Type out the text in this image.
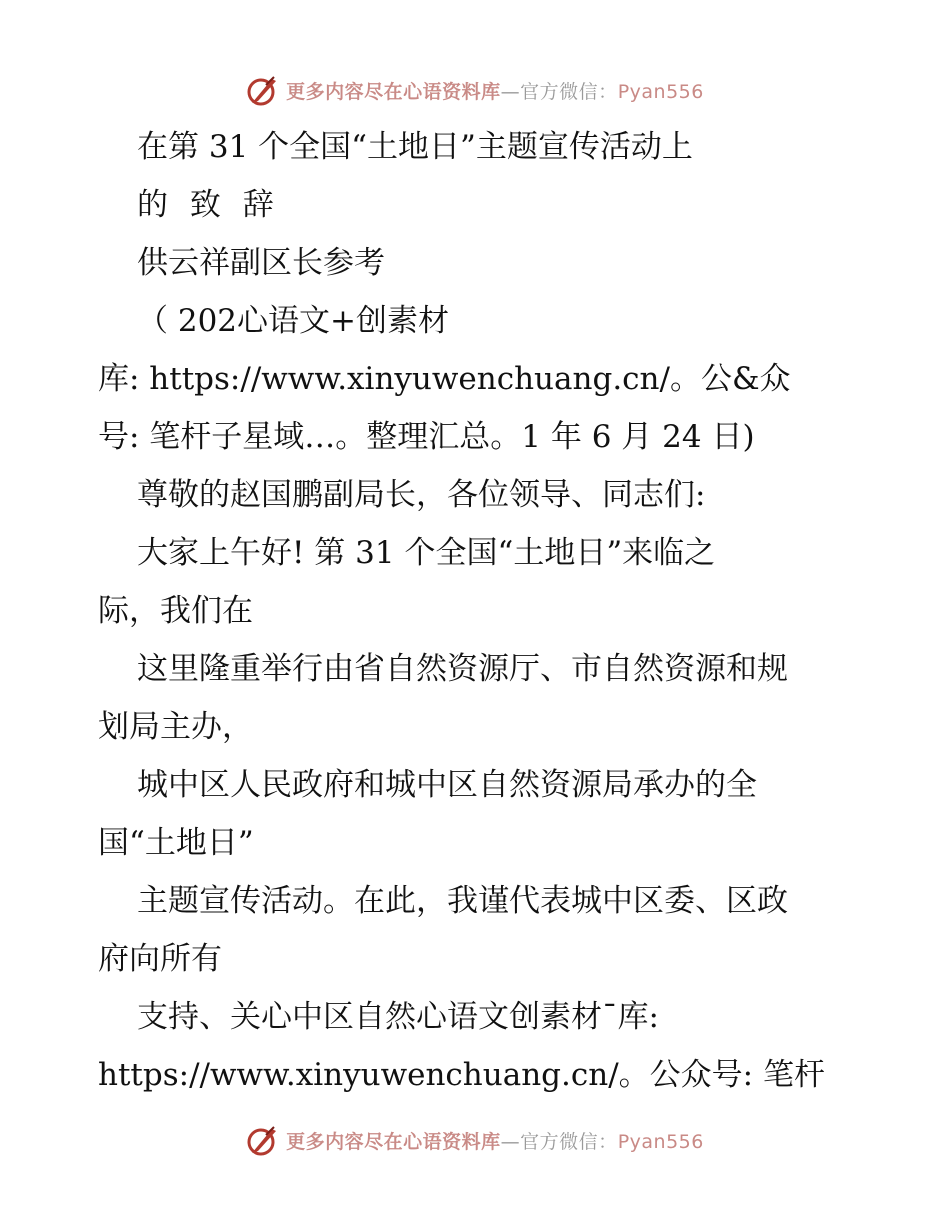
更多内容尽在心语资料库—官方微信：Pyan556
在第 31 个全国“土地日”主题宣传活动上
的 致 辞
供云祥副区长参考
（ 202心语文+创素材
库: https://www.xinyuwenchuang.cn/。公&众
号: 笔杆子星域…。整理汇总。1 年 6 月 24 日)
尊敬的赵国鹏副局长，各位领导、同志们:
大家上午好! 第 31 个全国“土地日”来临之
际，我们在
这里隆重举行由省自然资源厅、市自然资源和规
划局主办，
城中区人民政府和城中区自然资源局承办的全
国“土地日”
主题宣传活动。在此，我谨代表城中区委、区政
府向所有
支持、关心中区自然心语文创素材¯库:
https://www.xinyuwenchuang.cn/。公众号: 笔杆
更多内容尽在心语资料库—官方微信：Pyan556
